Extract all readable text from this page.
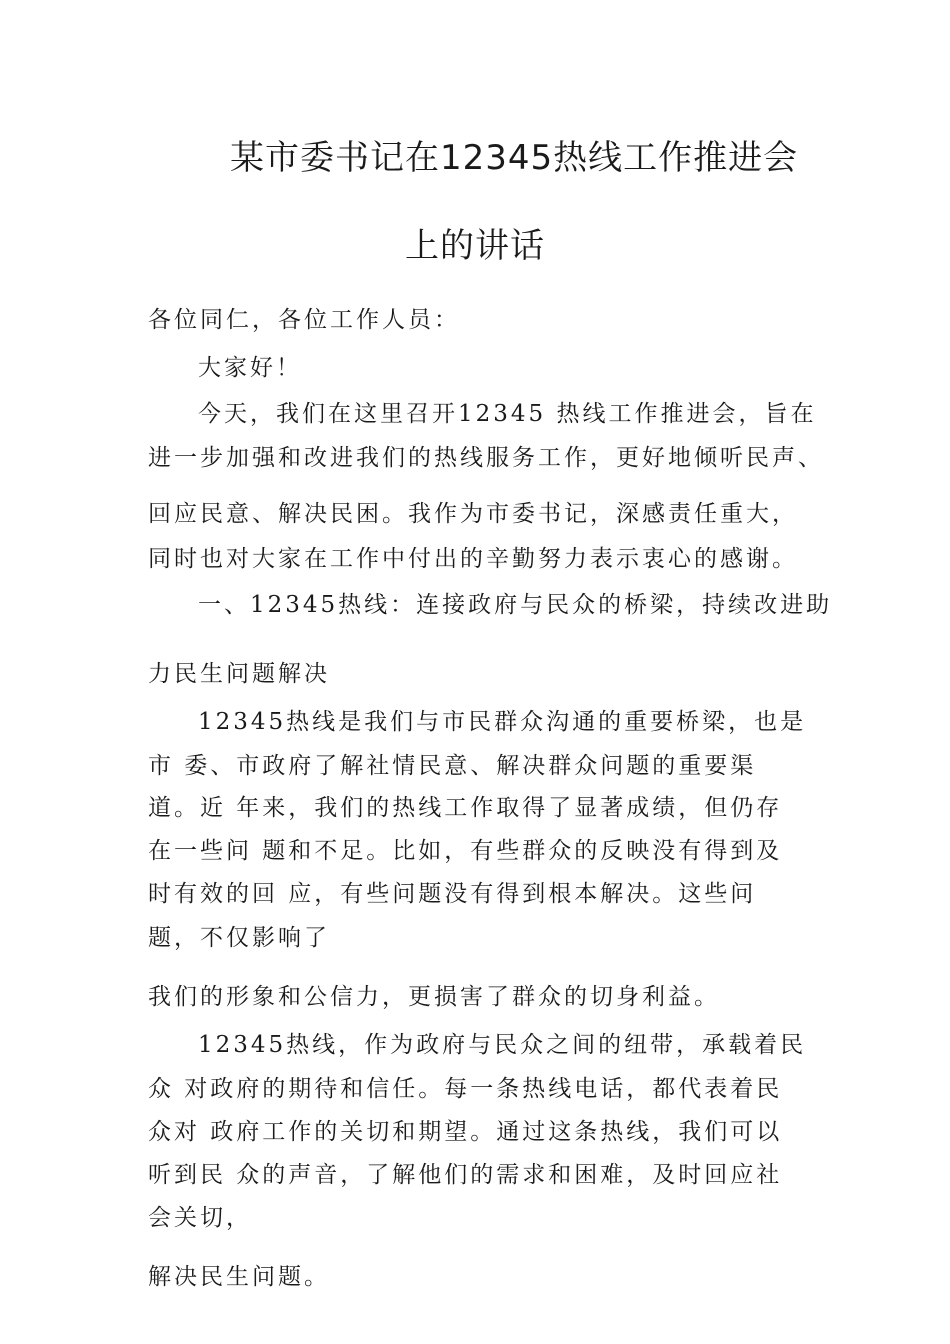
某市委书记在12345热线工作推进会
上的讲话
各位同仁，各位工作人员：
大家好！
今天，我们在这里召开12345 热线工作推进会，旨在
进一步加强和改进我们的热线服务工作，更好地倾听民声、
回应民意、解决民困。我作为市委书记，深感责任重大，
同时也对大家在工作中付出的辛勤努力表示衷心的感谢。
一、12345热线：连接政府与民众的桥梁，持续改进助
力民生问题解决
12345热线是我们与市民群众沟通的重要桥梁，也是
市 委、市政府了解社情民意、解决群众问题的重要渠
道。近 年来，我们的热线工作取得了显著成绩，但仍存
在一些问 题和不足。比如，有些群众的反映没有得到及
时有效的回 应，有些问题没有得到根本解决。这些问
题，不仅影响了
我们的形象和公信力，更损害了群众的切身利益。
12345热线，作为政府与民众之间的纽带，承载着民
众 对政府的期待和信任。每一条热线电话，都代表着民
众对 政府工作的关切和期望。通过这条热线，我们可以
听到民 众的声音，了解他们的需求和困难，及时回应社
会关切，
解决民生问题。
